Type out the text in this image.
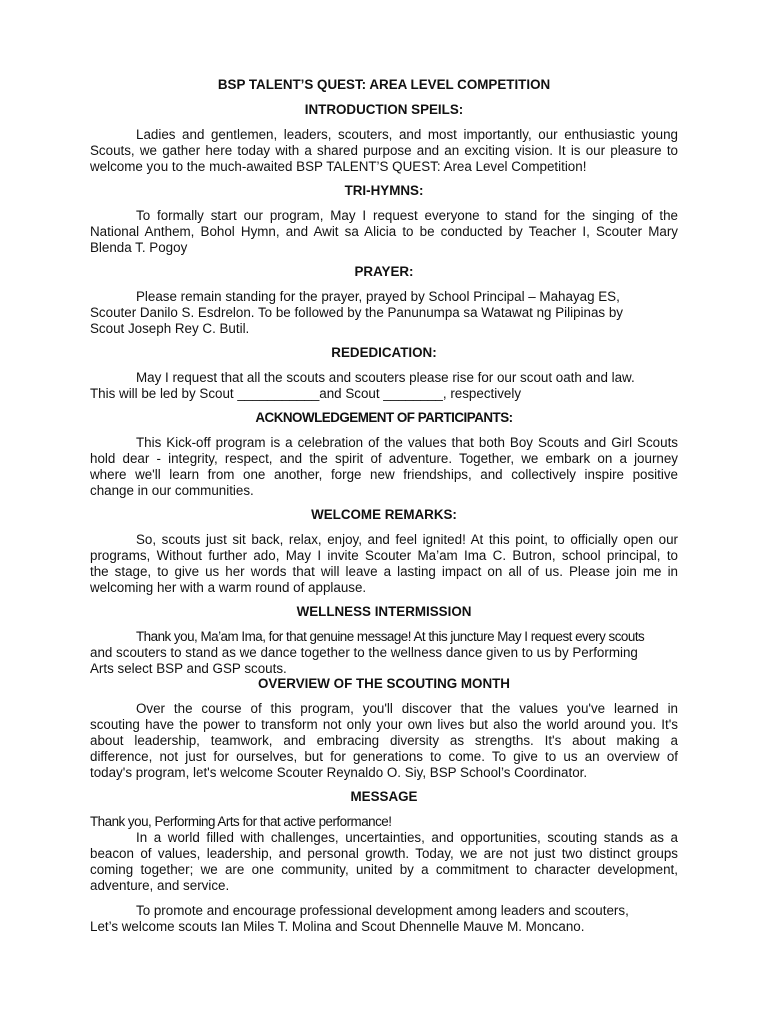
BSP TALENT’S QUEST: AREA LEVEL COMPETITION
INTRODUCTION SPEILS:
Ladies and gentlemen, leaders, scouters, and most importantly, our enthusiastic young
Scouts, we gather here today with a shared purpose and an exciting vision. It is our pleasure to
welcome you to the much-awaited BSP TALENT’S QUEST: Area Level Competition!
TRI-HYMNS:
To formally start our program, May I request everyone to stand for the singing of the
National Anthem, Bohol Hymn, and Awit sa Alicia to be conducted by Teacher I, Scouter Mary
Blenda T. Pogoy
PRAYER:
Please remain standing for the prayer, prayed by School Principal – Mahayag ES,
Scouter Danilo S. Esdrelon. To be followed by the Panunumpa sa Watawat ng Pilipinas by
Scout Joseph Rey C. Butil.
REDEDICATION:
May I request that all the scouts and scouters please rise for our scout oath and law.
This will be led by Scout ___________and Scout ________, respectively
ACKNOWLEDGEMENT OF PARTICIPANTS:
This Kick-off program is a celebration of the values that both Boy Scouts and Girl Scouts
hold dear - integrity, respect, and the spirit of adventure. Together, we embark on a journey
where we'll learn from one another, forge new friendships, and collectively inspire positive
change in our communities.
WELCOME REMARKS:
So, scouts just sit back, relax, enjoy, and feel ignited! At this point, to officially open our
programs, Without further ado, May I invite Scouter Ma’am Ima C. Butron, school principal, to
the stage, to give us her words that will leave a lasting impact on all of us. Please join me in
welcoming her with a warm round of applause.
WELLNESS INTERMISSION
Thank you, Ma’am Ima, for that genuine message! At this juncture May I request every scouts
and scouters to stand as we dance together to the wellness dance given to us by Performing
Arts select BSP and GSP scouts.
OVERVIEW OF THE SCOUTING MONTH
Over the course of this program, you'll discover that the values you've learned in
scouting have the power to transform not only your own lives but also the world around you. It's
about leadership, teamwork, and embracing diversity as strengths. It's about making a
difference, not just for ourselves, but for generations to come. To give to us an overview of
today's program, let's welcome Scouter Reynaldo O. Siy, BSP School’s Coordinator.
MESSAGE
Thank you, Performing Arts for that active performance!
In a world filled with challenges, uncertainties, and opportunities, scouting stands as a
beacon of values, leadership, and personal growth. Today, we are not just two distinct groups
coming together; we are one community, united by a commitment to character development,
adventure, and service.
To promote and encourage professional development among leaders and scouters,
Let’s welcome scouts Ian Miles T. Molina and Scout Dhennelle Mauve M. Moncano.
